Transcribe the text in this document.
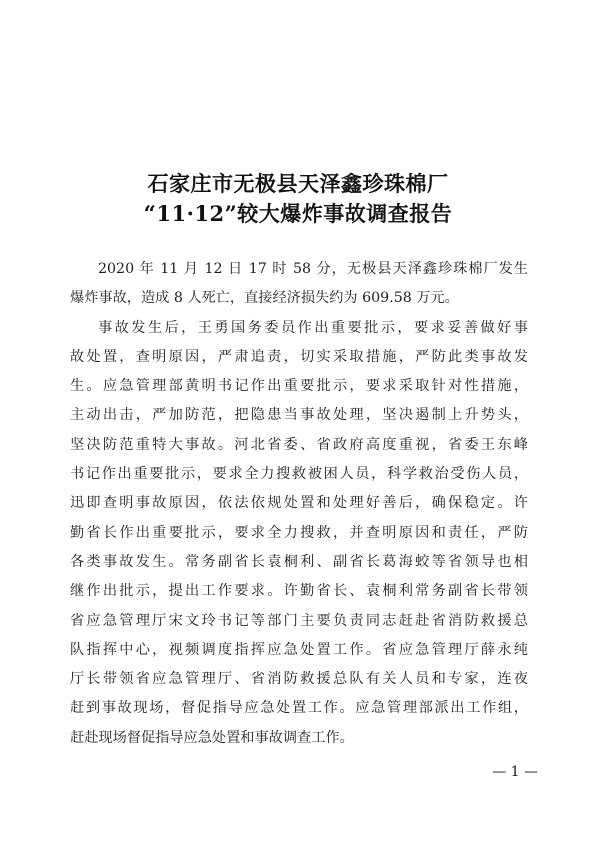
石家庄市无极县天泽鑫珍珠棉厂
“11·12”较大爆炸事故调查报告
2020 年 11 月 12 日 17 时 58 分，无极县天泽鑫珍珠棉厂发生
爆炸事故，造成 8 人死亡，直接经济损失约为 609.58 万元。
事故发生后，王勇国务委员作出重要批示，要求妥善做好事
故处置，查明原因，严肃追责，切实采取措施，严防此类事故发
生。应急管理部黄明书记作出重要批示，要求采取针对性措施，
主动出击，严加防范，把隐患当事故处理，坚决遏制上升势头，
坚决防范重特大事故。河北省委、省政府高度重视，省委王东峰
书记作出重要批示，要求全力搜救被困人员，科学救治受伤人员，
迅即查明事故原因，依法依规处置和处理好善后，确保稳定。许
勤省长作出重要批示，要求全力搜救，并查明原因和责任，严防
各类事故发生。常务副省长袁桐利、副省长葛海蛟等省领导也相
继作出批示，提出工作要求。许勤省长、袁桐利常务副省长带领
省应急管理厅宋文玲书记等部门主要负责同志赶赴省消防救援总
队指挥中心，视频调度指挥应急处置工作。省应急管理厅薛永纯
厅长带领省应急管理厅、省消防救援总队有关人员和专家，连夜
赶到事故现场，督促指导应急处置工作。应急管理部派出工作组，
赶赴现场督促指导应急处置和事故调查工作。
— 1 —
